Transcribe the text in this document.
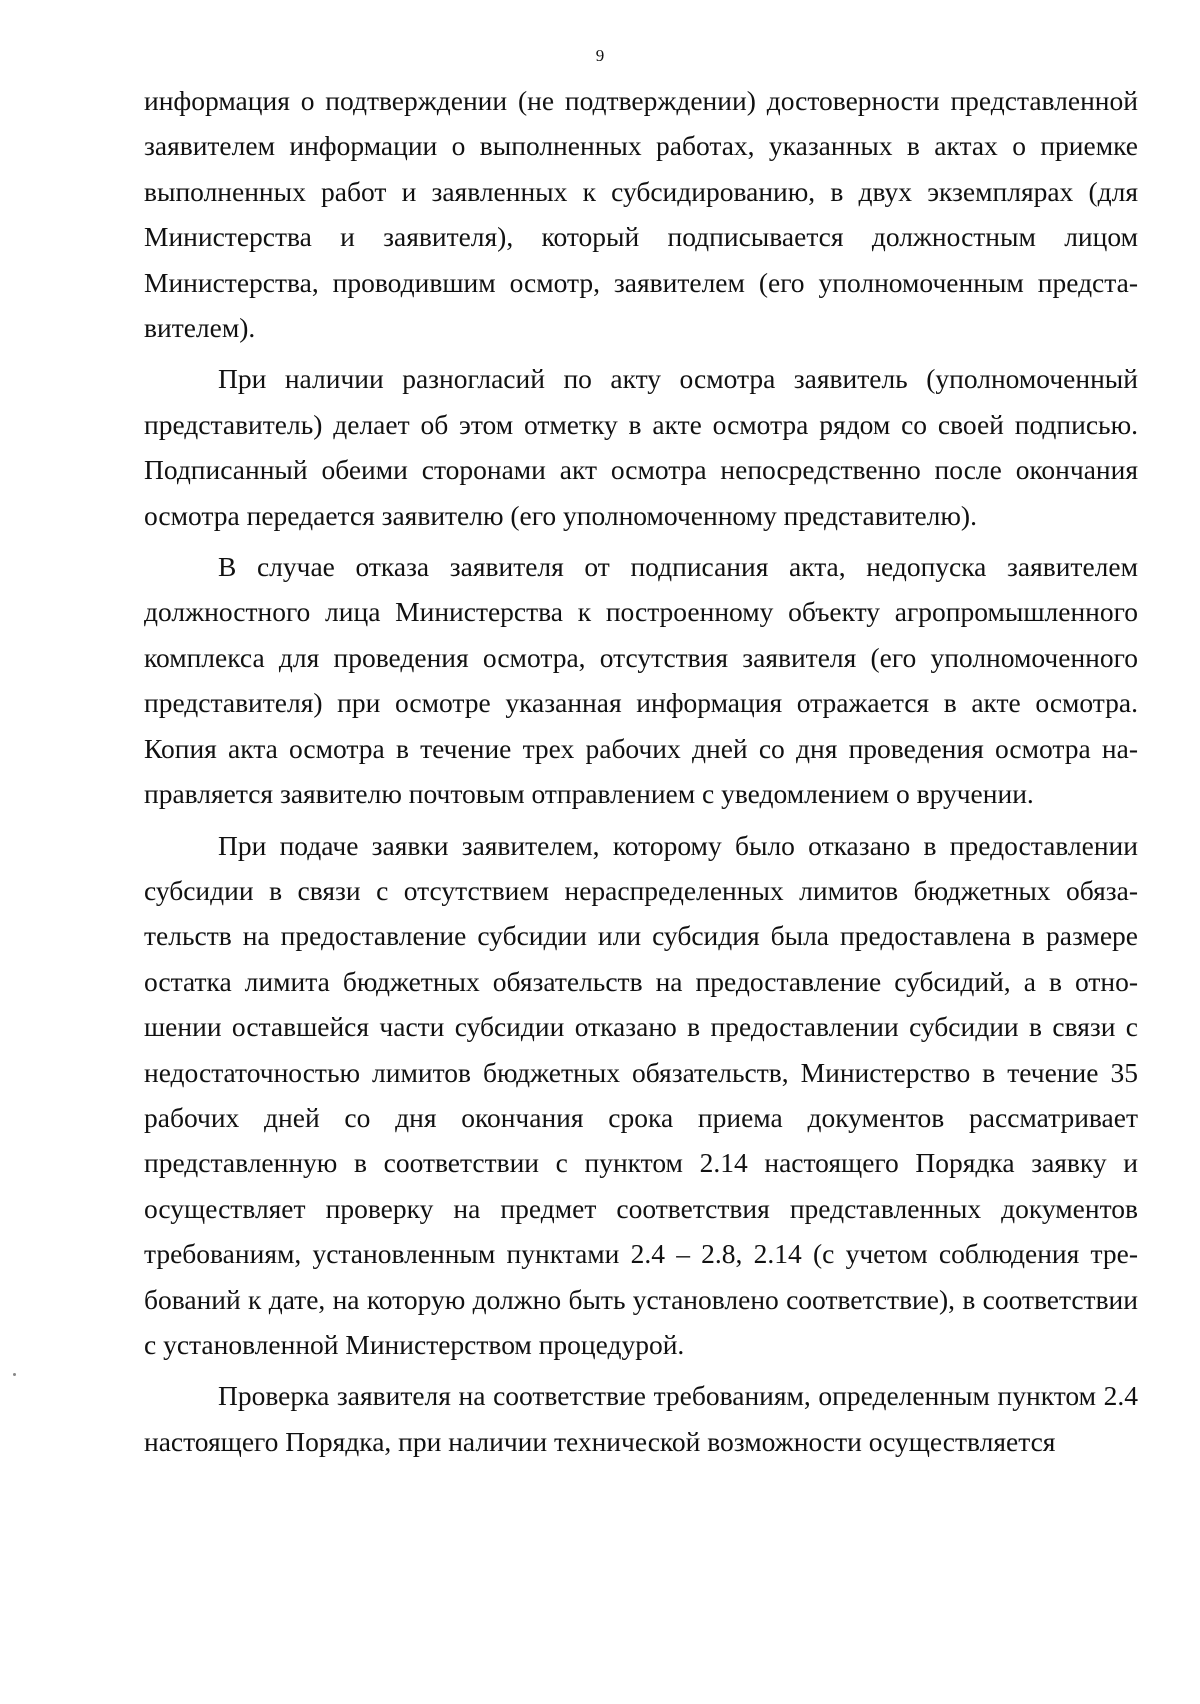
9

информация о подтверждении (не подтверждении) достоверности представленной заявителем информации о выполненных работах, указанных в актах о приемке выполненных работ и заявленных к субсидированию, в двух экземплярах (для Министерства и заявителя), который подписывается должностным лицом Министерства, проводившим осмотр, заявителем (его уполномоченным представителем).

При наличии разногласий по акту осмотра заявитель (уполномоченный представитель) делает об этом отметку в акте осмотра рядом со своей подписью. Подписанный обеими сторонами акт осмотра непосредственно после окончания осмотра передается заявителю (его уполномоченному представителю).

В случае отказа заявителя от подписания акта, недопуска заявителем должностного лица Министерства к построенному объекту агропромышленного комплекса для проведения осмотра, отсутствия заявителя (его уполномоченного представителя) при осмотре указанная информация отражается в акте осмотра. Копия акта осмотра в течение трех рабочих дней со дня проведения осмотра направляется заявителю почтовым отправлением с уведомлением о вручении.

При подаче заявки заявителем, которому было отказано в предоставлении субсидии в связи с отсутствием нераспределенных лимитов бюджетных обязательств на предоставление субсидии или субсидия была предоставлена в размере остатка лимита бюджетных обязательств на предоставление субсидий, а в отношении оставшейся части субсидии отказано в предоставлении субсидии в связи с недостаточностью лимитов бюджетных обязательств, Министерство в течение 35 рабочих дней со дня окончания срока приема документов рассматривает представленную в соответствии с пунктом 2.14 настоящего Порядка заявку и осуществляет проверку на предмет соответствия представленных документов требованиям, установленным пунктами 2.4 – 2.8, 2.14 (с учетом соблюдения требований к дате, на которую должно быть установлено соответствие), в соответствии с установленной Министерством процедурой.

Проверка заявителя на соответствие требованиям, определенным пунктом 2.4 настоящего Порядка, при наличии технической возможности осуществляется
